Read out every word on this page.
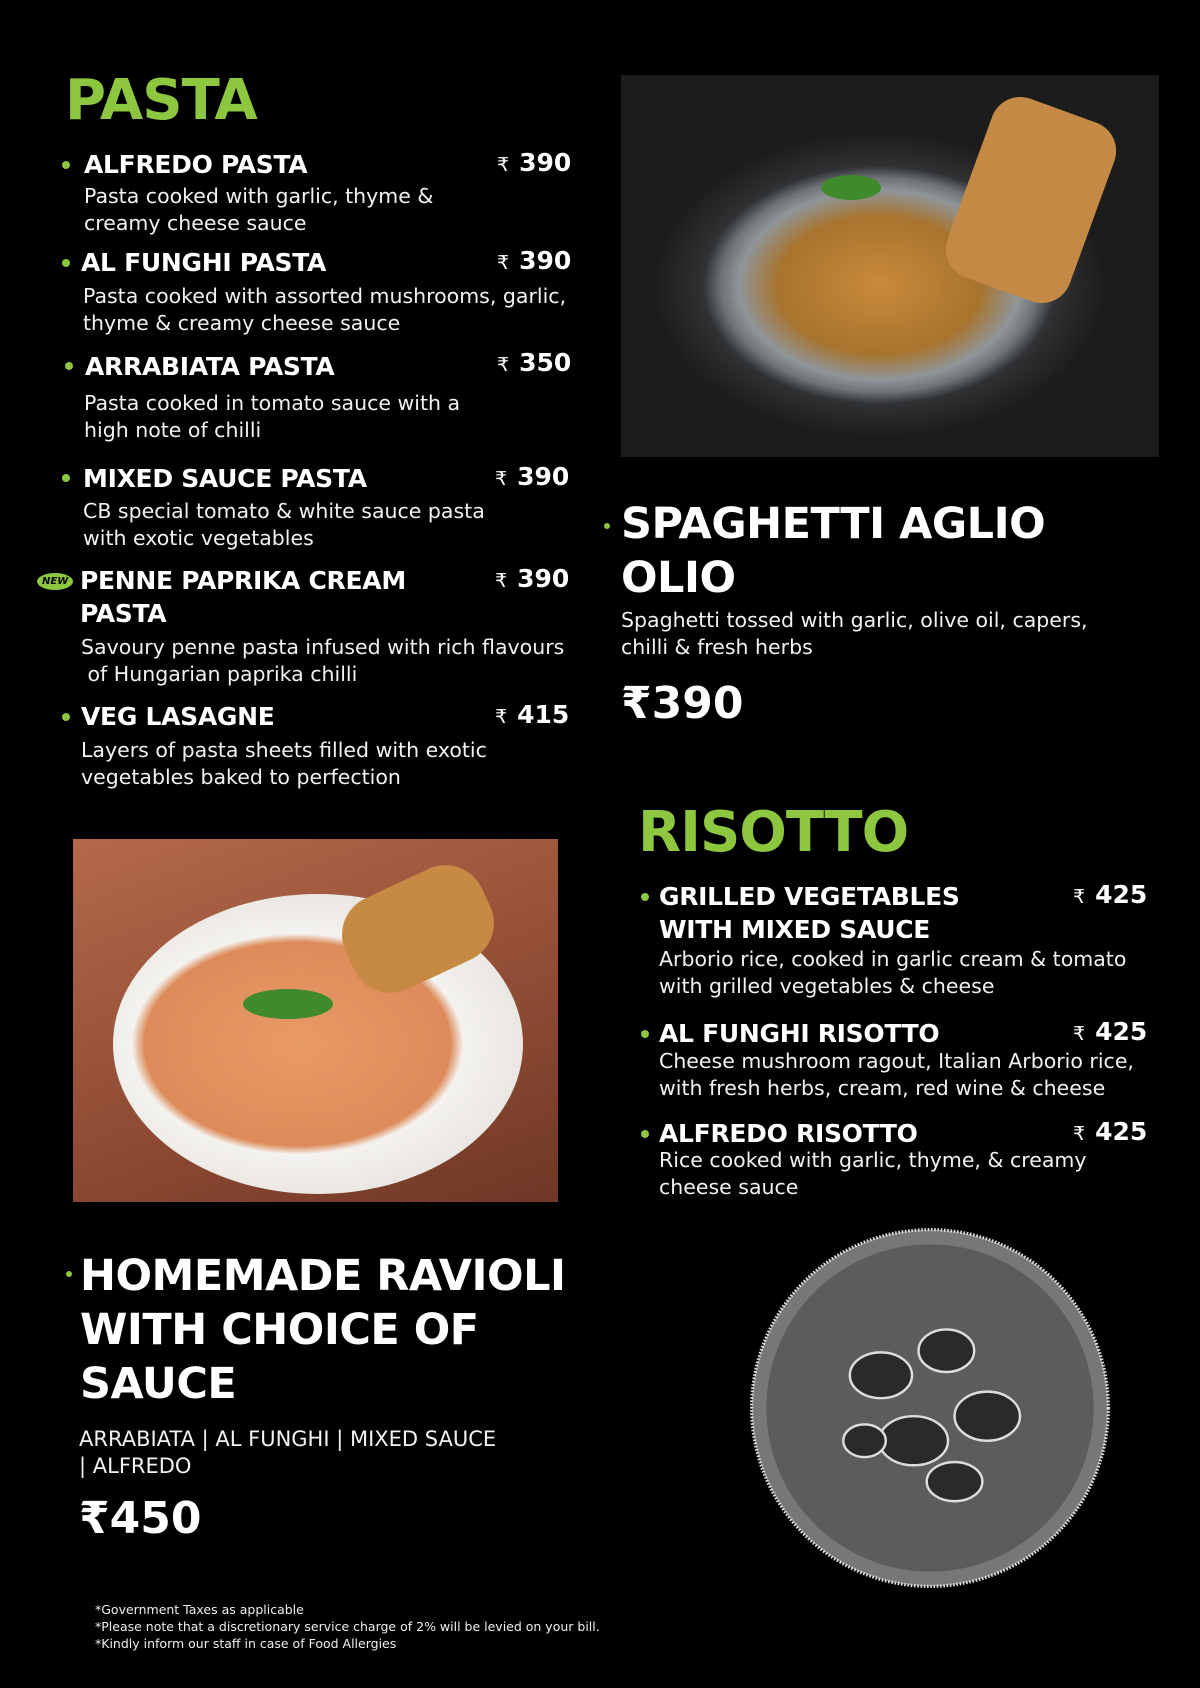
PASTA
ALFREDO PASTA	₹ 390
Pasta cooked with garlic, thyme &
creamy cheese sauce
AL FUNGHI PASTA	₹ 390
Pasta cooked with assorted mushrooms, garlic,
thyme & creamy cheese sauce
ARRABIATA PASTA	₹ 350
Pasta cooked in tomato sauce with a
high note of chilli
MIXED SAUCE PASTA	₹ 390
CB special tomato & white sauce pasta
with exotic vegetables
NEW PENNE PAPRIKA CREAM
PASTA
₹ 390
Savoury penne pasta infused with rich flavours
of Hungarian paprika chilli
VEG LASAGNE	₹ 415
Layers of pasta sheets filled with exotic
vegetables baked to perfection
SPAGHETTI AGLIO
OLIO
Spaghetti tossed with garlic, olive oil, capers,
chilli & fresh herbs
₹390
RISOTTO
GRILLED VEGETABLES
WITH MIXED SAUCE
₹ 425
Arborio rice, cooked in garlic cream & tomato
with grilled vegetables & cheese
AL FUNGHI RISOTTO	₹ 425
Cheese mushroom ragout, Italian Arborio rice,
with fresh herbs, cream, red wine & cheese
ALFREDO RISOTTO	₹ 425
Rice cooked with garlic, thyme, & creamy
cheese sauce
HOMEMADE RAVIOLI
WITH CHOICE OF
SAUCE
ARRABIATA | AL FUNGHI | MIXED SAUCE
| ALFREDO
₹450
*Government Taxes as applicable
*Please note that a discretionary service charge of 2% will be levied on your bill.
*Kindly inform our staff in case of Food Allergies
